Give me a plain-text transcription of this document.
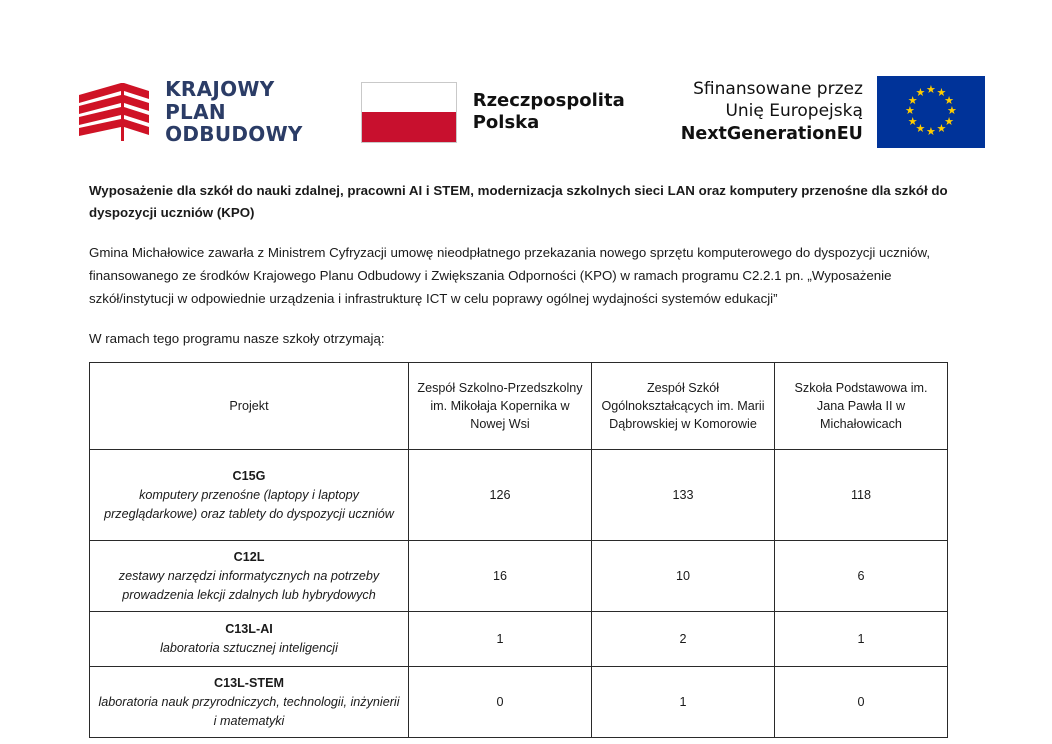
KRAJOWY
PLAN
ODBUDOWY
Rzeczpospolita
Polska
Sfinansowane przez
Unię Europejską
NextGenerationEU
★ ★
★
★
★
★
★
★
★
★
★
★
Wyposażenie dla szkół do nauki zdalnej, pracowni AI i STEM, modernizacja szkolnych sieci LAN oraz komputery przenośne dla szkół do dyspozycji uczniów (KPO)

Gmina Michałowice zawarła z Ministrem Cyfryzacji umowę nieodpłatnego przekazania nowego sprzętu komputerowego do dyspozycji uczniów, finansowanego ze środków Krajowego Planu Odbudowy i Zwiększania Odporności (KPO) w ramach programu C2.2.1 pn. „Wyposażenie szkół/instytucji w odpowiednie urządzenia i infrastrukturę ICT w celu poprawy ogólnej wydajności systemów edukacji”

W ramach tego programu nasze szkoły otrzymają:

Projekt	Zespół Szkolno-Przedszkolny im. Mikołaja Kopernika w Nowej Wsi	Zespół Szkół Ogólnokształcących im. Marii Dąbrowskiej w Komorowie	Szkoła Podstawowa im. Jana Pawła II w Michałowicach

C15G
komputery przenośne (laptopy i laptopy przeglądarkowe) oraz tablety do dyspozycji uczniów	126	133	118

C12L
zestawy narzędzi informatycznych na potrzeby prowadzenia lekcji zdalnych lub hybrydowych	16	10	6

C13L-AI
laboratoria sztucznej inteligencji	1	2	1

C13L-STEM
laboratoria nauk przyrodniczych, technologii, inżynierii i matematyki	0	1	0
